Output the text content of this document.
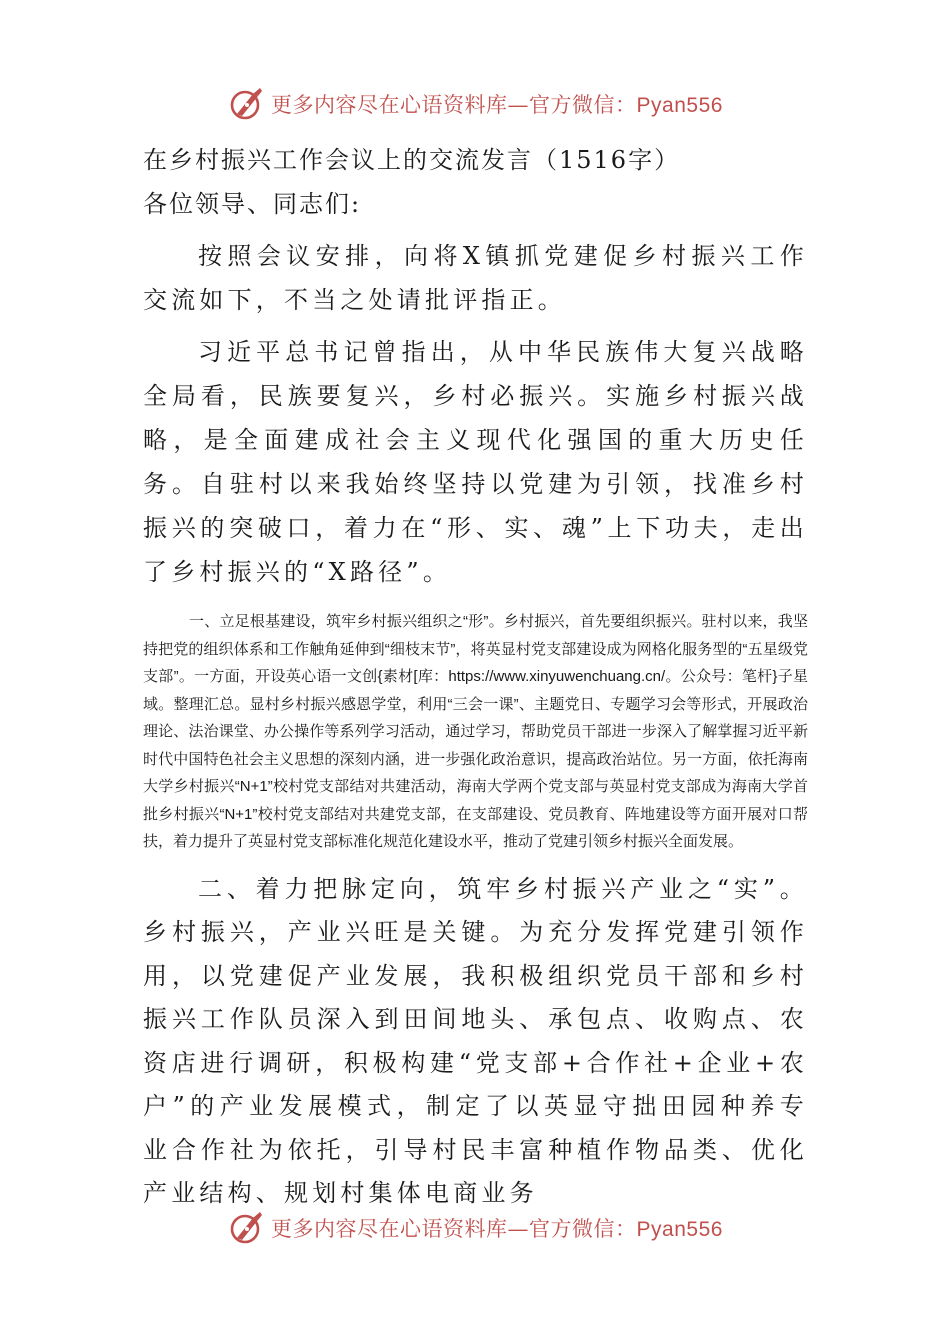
更多内容尽在心语资料库—官方微信：Pyan556
在乡村振兴工作会议上的交流发言（1516字）
各位领导、同志们:

按照会议安排，向将X镇抓党建促乡村振兴工作交流如下，不当之处请批评指正。

习近平总书记曾指出，从中华民族伟大复兴战略全局看，民族要复兴，乡村必振兴。实施乡村振兴战略，是全面建成社会主义现代化强国的重大历史任务。自驻村以来我始终坚持以党建为引领，找准乡村振兴的突破口，着力在“形、实、魂”上下功夫，走出了乡村振兴的“X路径”。

一、立足根基建设，筑牢乡村振兴组织之“形”。乡村振兴，首先要组织振兴。驻村以来，我坚持把党的组织体系和工作触角延伸到“细枝末节”，将英显村党支部建设成为网格化服务型的“五星级党支部”。一方面，开设英心语一文创{素材[库：https://www.xinyuwenchuang.cn/。公众号：笔杆}子星域。整理汇总。显村乡村振兴感恩学堂，利用“三会一课”、主题党日、专题学习会等形式，开展政治理论、法治课堂、办公操作等系列学习活动，通过学习，帮助党员干部进一步深入了解掌握习近平新时代中国特色社会主义思想的深刻内涵，进一步强化政治意识，提高政治站位。另一方面，依托海南大学乡村振兴“N+1”校村党支部结对共建活动，海南大学两个党支部与英显村党支部成为海南大学首批乡村振兴“N+1”校村党支部结对共建党支部，在支部建设、党员教育、阵地建设等方面开展对口帮扶，着力提升了英显村党支部标准化规范化建设水平，推动了党建引领乡村振兴全面发展。

二、着力把脉定向，筑牢乡村振兴产业之“实”。乡村振兴，产业兴旺是关键。为充分发挥党建引领作用，以党建促产业发展，我积极组织党员干部和乡村振兴工作队员深入到田间地头、承包点、收购点、农资店进行调研，积极构建“党支部+合作社+企业+农户”的产业发展模式，制定了以英显守拙田园种养专业合作社为依托，引导村民丰富种植作物品类、优化产业结构、规划村集体电商业务

更多内容尽在心语资料库—官方微信：Pyan556
